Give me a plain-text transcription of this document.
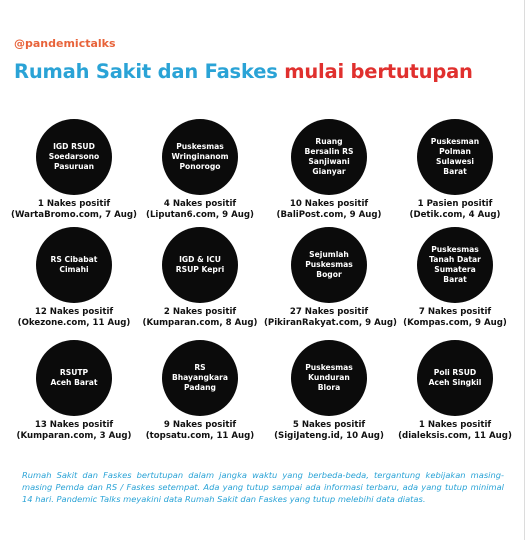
@pandemictalks
Rumah Sakit dan Faskes mulai bertutupan
IGD RSUD
Soedarsono
Pasuruan
1 Nakes positif
(WartaBromo.com, 7 Aug)
Puskesmas
Wringinanom
Ponorogo
4 Nakes positif
(Liputan6.com, 9 Aug)
Ruang
Bersalin RS
Sanjiwani
Gianyar
10 Nakes positif
(BaliPost.com, 9 Aug)
Puskesman
Polman
Sulawesi
Barat
1 Pasien positif
(Detik.com, 4 Aug)
RS Cibabat
Cimahi
12 Nakes positif
(Okezone.com, 11 Aug)
IGD & ICU
RSUP Kepri
2 Nakes positif
(Kumparan.com, 8 Aug)
Sejumlah
Puskesmas
Bogor
27 Nakes positif
(PikiranRakyat.com, 9 Aug)
Puskesmas
Tanah Datar
Sumatera
Barat
7 Nakes positif
(Kompas.com, 9 Aug)
RSUTP
Aceh Barat
13 Nakes positif
(Kumparan.com, 3 Aug)
RS Bhayangkara
Padang
9 Nakes positif
(topsatu.com, 11 Aug)
Puskesmas
Kunduran
Blora
5 Nakes positif
(SigiJateng.id, 10 Aug)
Poli RSUD
Aceh Singkil
1 Nakes positif
(dialeksis.com, 11 Aug)
Rumah Sakit dan Faskes bertutupan dalam jangka waktu yang berbeda-beda, tergantung kebijakan masing-masing Pemda dan RS / Faskes setempat. Ada yang tutup sampai ada informasi terbaru, ada yang tutup minimal 14 hari. Pandemic Talks meyakini data Rumah Sakit dan Faskes yang tutup melebihi data diatas.
